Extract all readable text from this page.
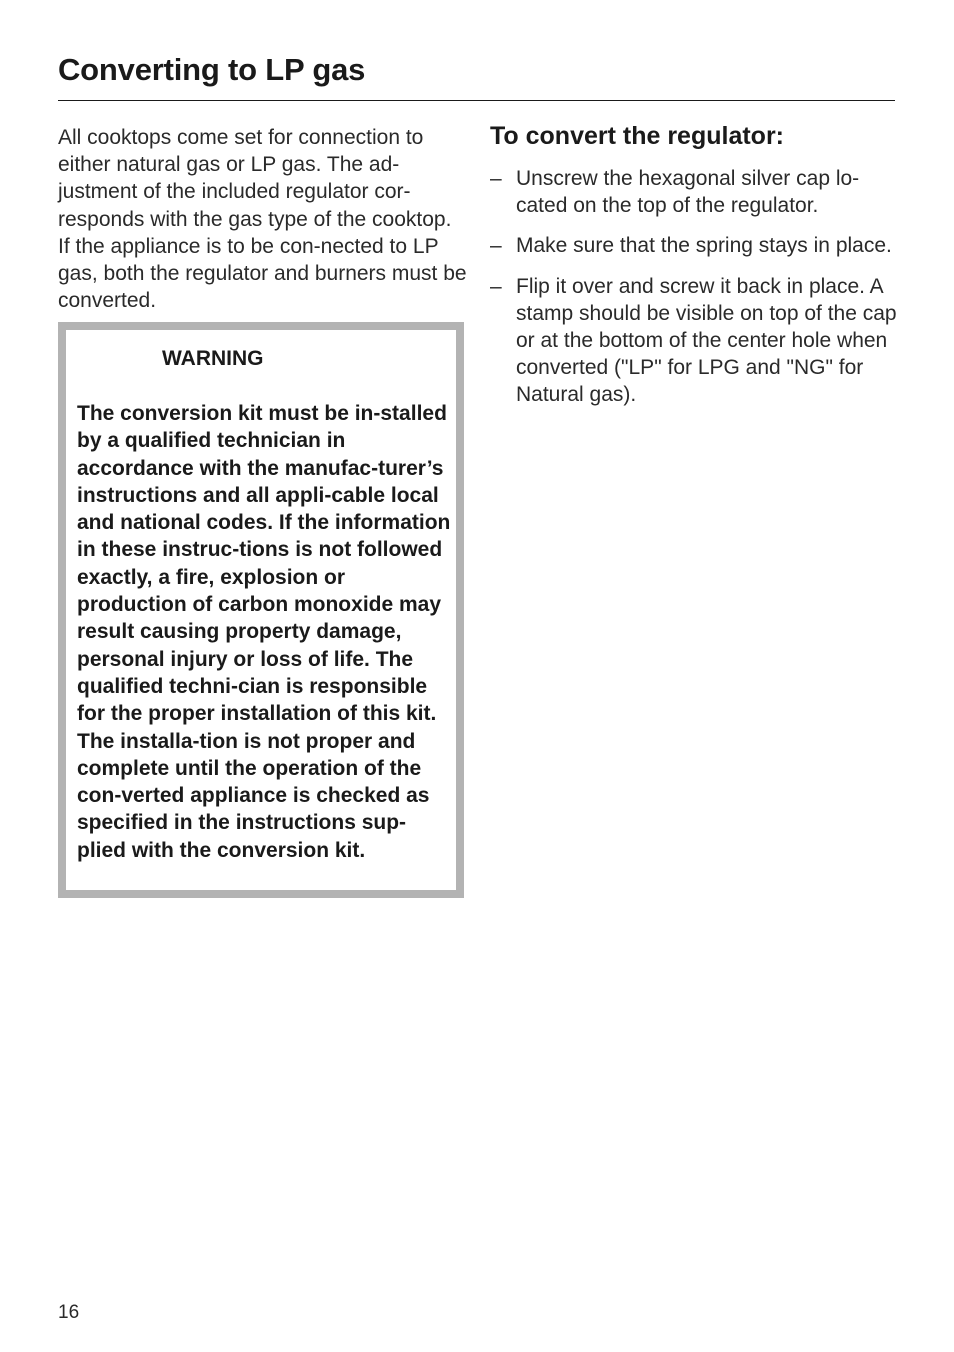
Converting to LP gas

All cooktops come set for connection to either natural gas or LP gas. The ad-justment of the included regulator cor-responds with the gas type of the cooktop. If the appliance is to be con-nected to LP gas, both the regulator and burners must be converted.

WARNING

The conversion kit must be in-stalled by a qualified technician in accordance with the manufac-turer’s instructions and all appli-cable local and national codes. If the information in these instruc-tions is not followed exactly, a fire, explosion or production of carbon monoxide may result causing property damage, personal injury or loss of life. The qualified techni-cian is responsible for the proper installation of this kit. The installa-tion is not proper and complete until the operation of the con-verted appliance is checked as specified in the instructions sup-plied with the conversion kit.

To convert the regulator:
– Unscrew the hexagonal silver cap lo-cated on the top of the regulator.
– Make sure that the spring stays in place.
– Flip it over and screw it back in place. A stamp should be visible on top of the cap or at the bottom of the center hole when converted ("LP" for LPG and "NG" for Natural gas).

16
